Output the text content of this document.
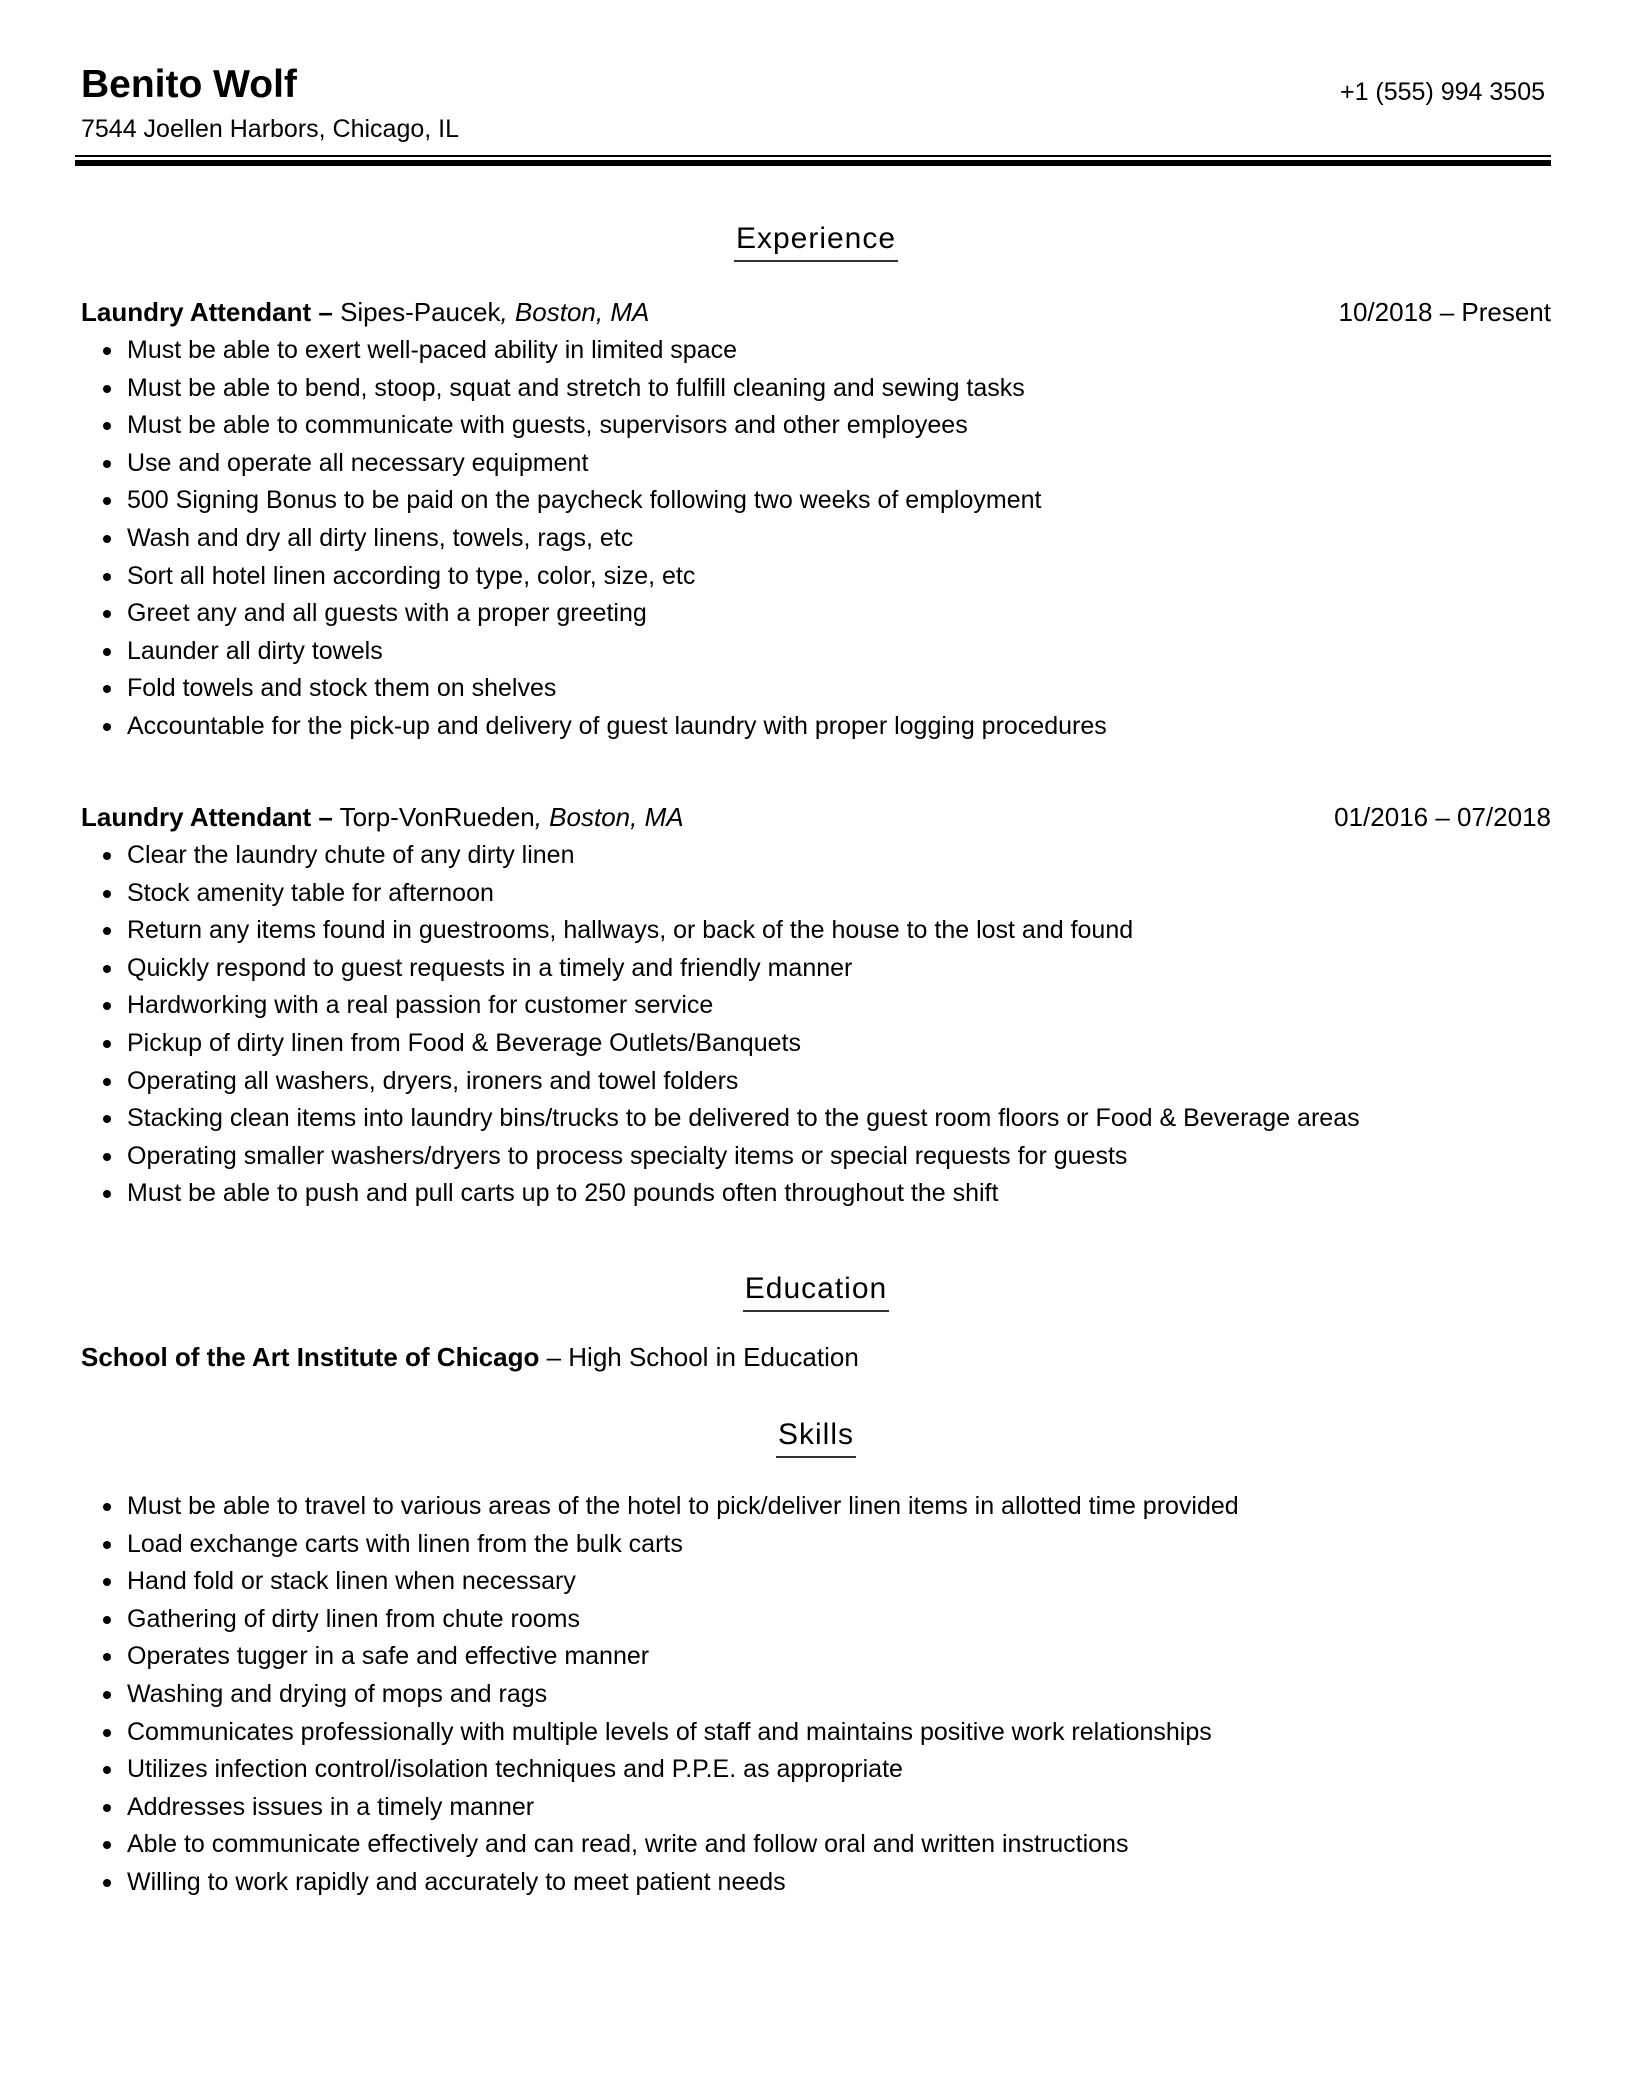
Benito Wolf
7544 Joellen Harbors, Chicago, IL
+1 (555) 994 3505
Experience
Laundry Attendant – Sipes-Paucek, Boston, MA	10/2018 – Present
Must be able to exert well-paced ability in limited space
Must be able to bend, stoop, squat and stretch to fulfill cleaning and sewing tasks
Must be able to communicate with guests, supervisors and other employees
Use and operate all necessary equipment
500 Signing Bonus to be paid on the paycheck following two weeks of employment
Wash and dry all dirty linens, towels, rags, etc
Sort all hotel linen according to type, color, size, etc
Greet any and all guests with a proper greeting
Launder all dirty towels
Fold towels and stock them on shelves
Accountable for the pick-up and delivery of guest laundry with proper logging procedures
Laundry Attendant – Torp-VonRueden, Boston, MA	01/2016 – 07/2018
Clear the laundry chute of any dirty linen
Stock amenity table for afternoon
Return any items found in guestrooms, hallways, or back of the house to the lost and found
Quickly respond to guest requests in a timely and friendly manner
Hardworking with a real passion for customer service
Pickup of dirty linen from Food & Beverage Outlets/Banquets
Operating all washers, dryers, ironers and towel folders
Stacking clean items into laundry bins/trucks to be delivered to the guest room floors or Food & Beverage areas
Operating smaller washers/dryers to process specialty items or special requests for guests
Must be able to push and pull carts up to 250 pounds often throughout the shift
Education
School of the Art Institute of Chicago – High School in Education
Skills
Must be able to travel to various areas of the hotel to pick/deliver linen items in allotted time provided
Load exchange carts with linen from the bulk carts
Hand fold or stack linen when necessary
Gathering of dirty linen from chute rooms
Operates tugger in a safe and effective manner
Washing and drying of mops and rags
Communicates professionally with multiple levels of staff and maintains positive work relationships
Utilizes infection control/isolation techniques and P.P.E. as appropriate
Addresses issues in a timely manner
Able to communicate effectively and can read, write and follow oral and written instructions
Willing to work rapidly and accurately to meet patient needs
